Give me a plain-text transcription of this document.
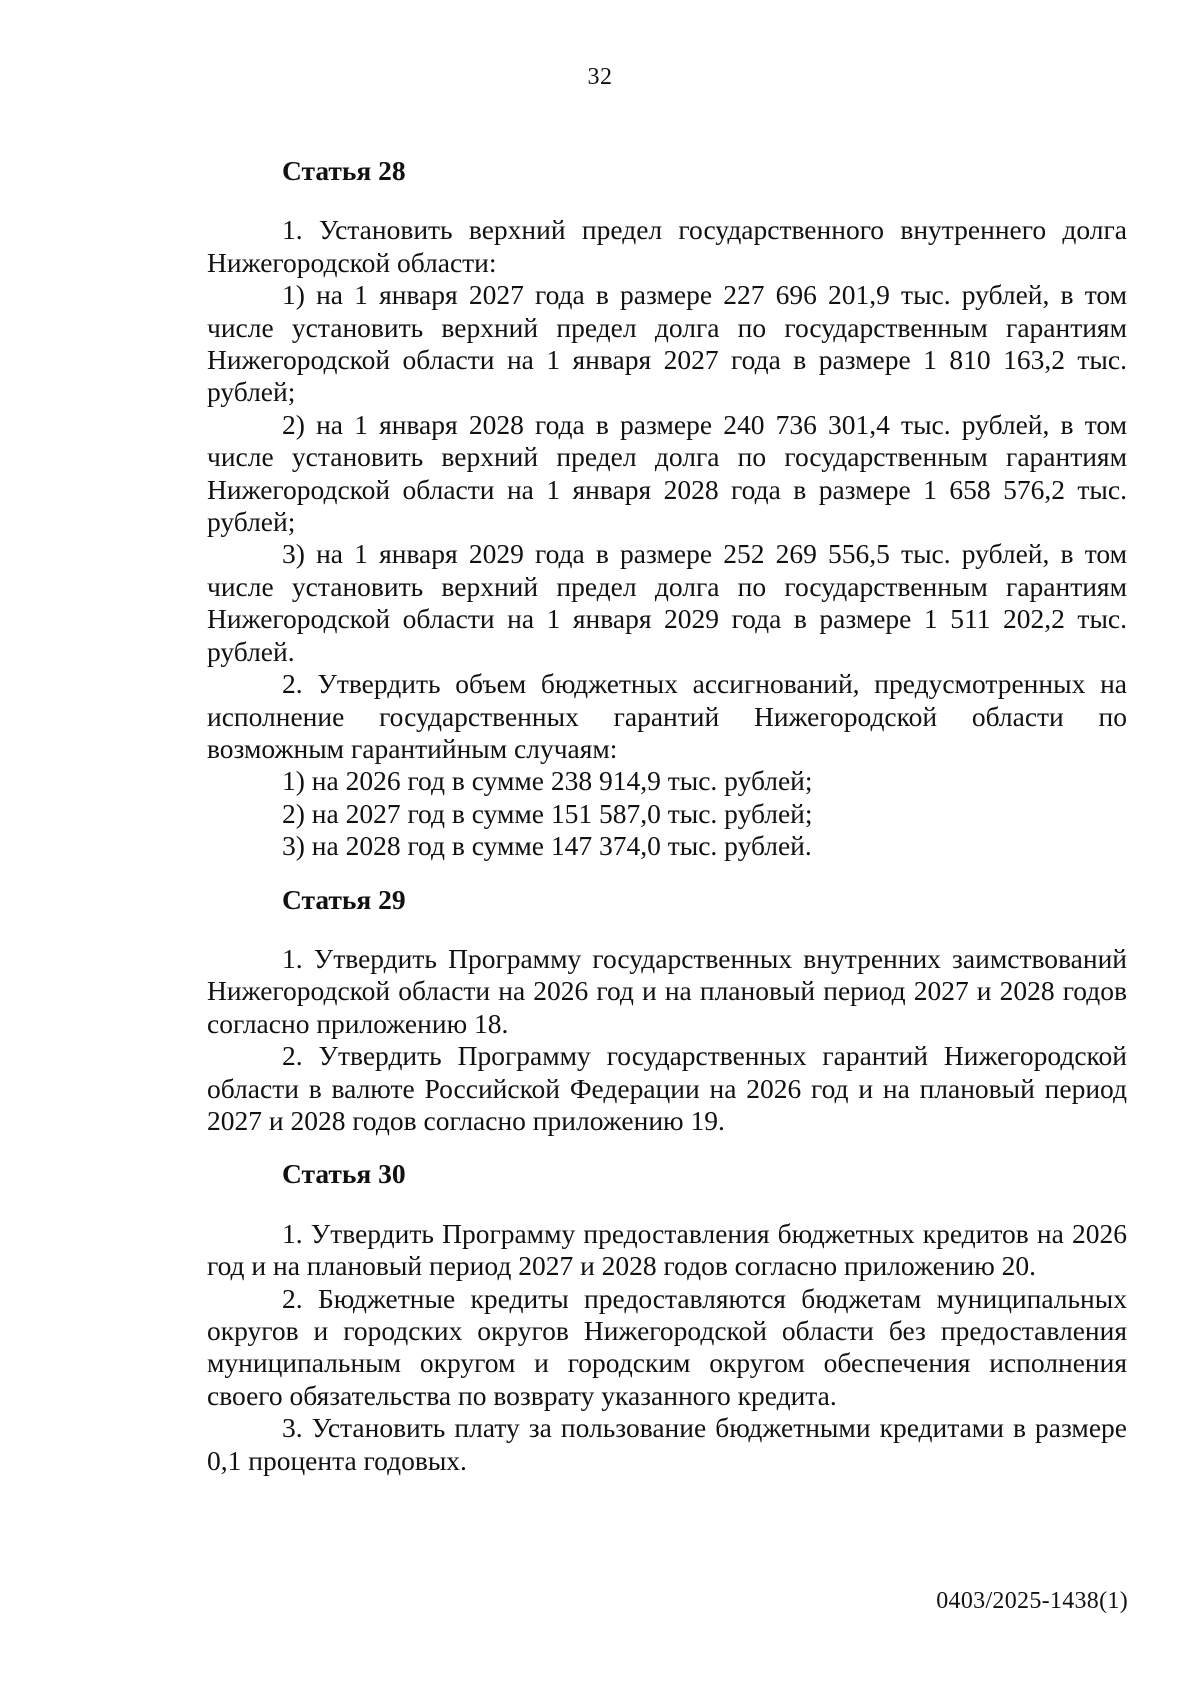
32
Статья 28

1. Установить верхний предел государственного внутреннего долга Нижегородской области:

1) на 1 января 2027 года в размере 227 696 201,9 тыс. рублей, в том числе установить верхний предел долга по государственным гарантиям Нижегородской области на 1 января 2027 года в размере 1 810 163,2 тыс. рублей;

2) на 1 января 2028 года в размере 240 736 301,4 тыс. рублей, в том числе установить верхний предел долга по государственным гарантиям Нижегородской области на 1 января 2028 года в размере 1 658 576,2 тыс. рублей;

3) на 1 января 2029 года в размере 252 269 556,5 тыс. рублей, в том числе установить верхний предел долга по государственным гарантиям Нижегородской области на 1 января 2029 года в размере 1 511 202,2 тыс. рублей.

2. Утвердить объем бюджетных ассигнований, предусмотренных на исполнение государственных гарантий Нижегородской области по возможным гарантийным случаям:

1) на 2026 год в сумме 238 914,9 тыс. рублей;

2) на 2027 год в сумме 151 587,0 тыс. рублей;

3) на 2028 год в сумме 147 374,0 тыс. рублей.

Статья 29

1. Утвердить Программу государственных внутренних заимствований Нижегородской области на 2026 год и на плановый период 2027 и 2028 годов согласно приложению 18.

2. Утвердить Программу государственных гарантий Нижегородской области в валюте Российской Федерации на 2026 год и на плановый период 2027 и 2028 годов согласно приложению 19.

Статья 30

1. Утвердить Программу предоставления бюджетных кредитов на 2026 год и на плановый период 2027 и 2028 годов согласно приложению 20.

2. Бюджетные кредиты предоставляются бюджетам муниципальных округов и городских округов Нижегородской области без предоставления муниципальным округом и городским округом обеспечения исполнения своего обязательства по возврату указанного кредита.

3. Установить плату за пользование бюджетными кредитами в размере 0,1 процента годовых.

0403/2025-1438(1)
